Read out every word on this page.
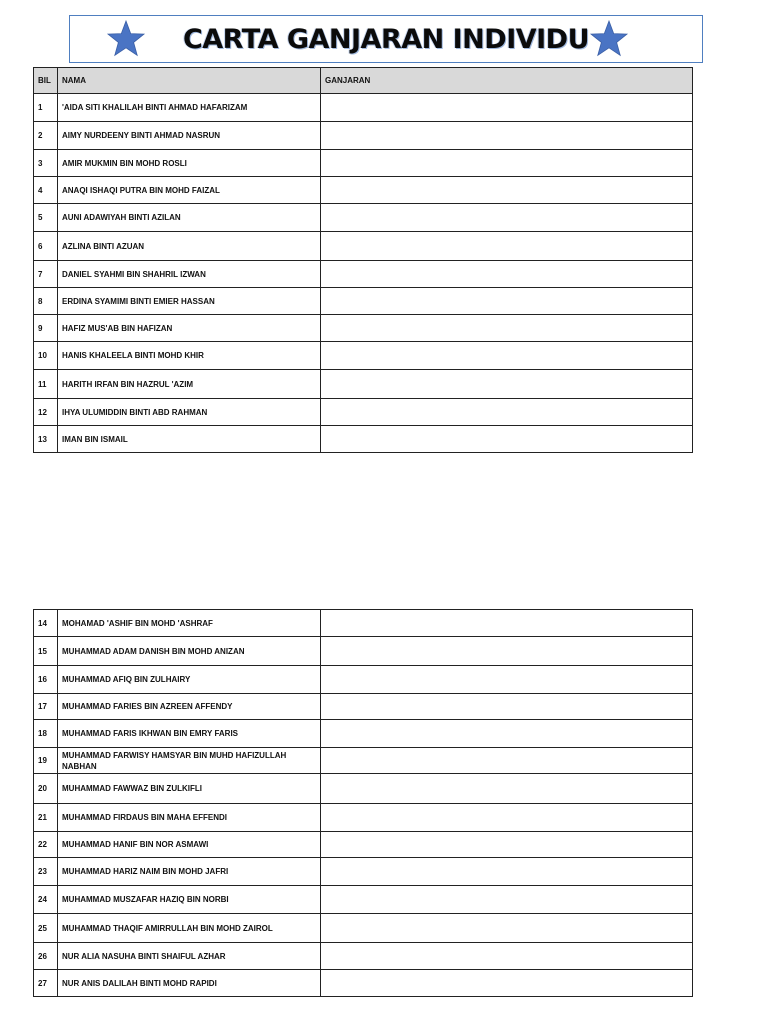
CARTA GANJARAN INDIVIDU
BIL	NAMA	GANJARAN
1	'AIDA SITI KHALILAH BINTI AHMAD HAFARIZAM	
2	AIMY NURDEENY BINTI AHMAD NASRUN	
3	AMIR MUKMIN BIN MOHD ROSLI	
4	ANAQI ISHAQI PUTRA BIN MOHD FAIZAL	
5	AUNI ADAWIYAH BINTI AZILAN	
6	AZLINA BINTI AZUAN	
7	DANIEL SYAHMI BIN SHAHRIL IZWAN	
8	ERDINA SYAMIMI BINTI EMIER HASSAN	
9	HAFIZ MUS'AB BIN HAFIZAN	
10	HANIS KHALEELA BINTI MOHD KHIR	
11	HARITH IRFAN BIN HAZRUL 'AZIM	
12	IHYA ULUMIDDIN BINTI ABD RAHMAN	
13	IMAN BIN ISMAIL	
14	MOHAMAD 'ASHIF BIN MOHD 'ASHRAF	
15	MUHAMMAD ADAM DANISH BIN MOHD ANIZAN	
16	MUHAMMAD AFIQ BIN ZULHAIRY	
17	MUHAMMAD FARIES BIN AZREEN AFFENDY	
18	MUHAMMAD FARIS IKHWAN BIN EMRY FARIS	
19	MUHAMMAD FARWISY HAMSYAR BIN MUHD HAFIZULLAH NABHAN	
20	MUHAMMAD FAWWAZ BIN ZULKIFLI	
21	MUHAMMAD FIRDAUS BIN MAHA EFFENDI	
22	MUHAMMAD HANIF BIN NOR ASMAWI	
23	MUHAMMAD HARIZ NAIM BIN MOHD JAFRI	
24	MUHAMMAD MUSZAFAR HAZIQ BIN NORBI	
25	MUHAMMAD THAQIF AMIRRULLAH BIN MOHD ZAIROL	
26	NUR ALIA NASUHA BINTI SHAIFUL AZHAR	
27	NUR ANIS DALILAH BINTI MOHD RAPIDI	
